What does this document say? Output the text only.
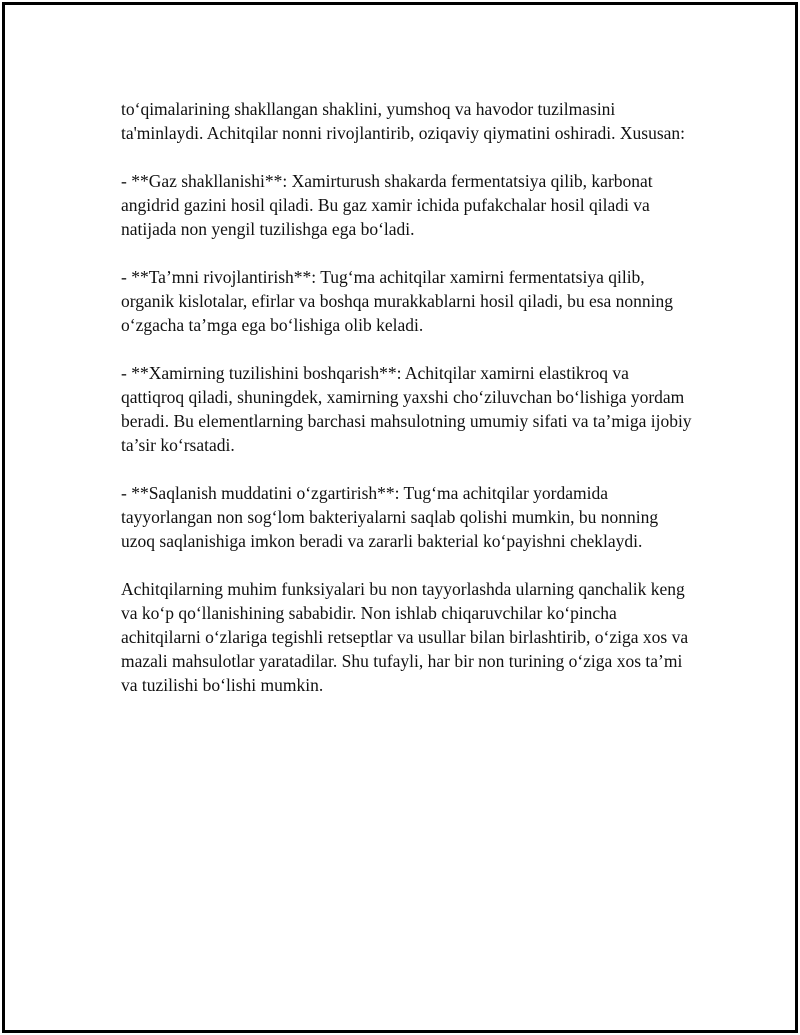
to‘qimalarining shakllangan shaklini, yumshoq va havodor tuzilmasini ta'minlaydi. Achitqilar nonni rivojlantirib, oziqaviy qiymatini oshiradi. Xususan:

- **Gaz shakllanishi**: Xamirturush shakarda fermentatsiya qilib, karbonat angidrid gazini hosil qiladi. Bu gaz xamir ichida pufakchalar hosil qiladi va natijada non yengil tuzilishga ega bo‘ladi.

- **Ta’mni rivojlantirish**: Tug‘ma achitqilar xamirni fermentatsiya qilib, organik kislotalar, efirlar va boshqa murakkablarni hosil qiladi, bu esa nonning o‘zgacha ta’mga ega bo‘lishiga olib keladi.

- **Xamirning tuzilishini boshqarish**: Achitqilar xamirni elastikroq va qattiqroq qiladi, shuningdek, xamirning yaxshi cho‘ziluvchan bo‘lishiga yordam beradi. Bu elementlarning barchasi mahsulotning umumiy sifati va ta’miga ijobiy ta’sir ko‘rsatadi.

- **Saqlanish muddatini o‘zgartirish**: Tug‘ma achitqilar yordamida tayyorlangan non sog‘lom bakteriyalarni saqlab qolishi mumkin, bu nonning uzoq saqlanishiga imkon beradi va zararli bakterial ko‘payishni cheklaydi.

Achitqilarning muhim funksiyalari bu non tayyorlashda ularning qanchalik keng va ko‘p qo‘llanishining sababidir. Non ishlab chiqaruvchilar ko‘pincha achitqilarni o‘zlariga tegishli retseptlar va usullar bilan birlashtirib, o‘ziga xos va mazali mahsulotlar yaratadilar. Shu tufayli, har bir non turining o‘ziga xos ta’mi va tuzilishi bo‘lishi mumkin.
